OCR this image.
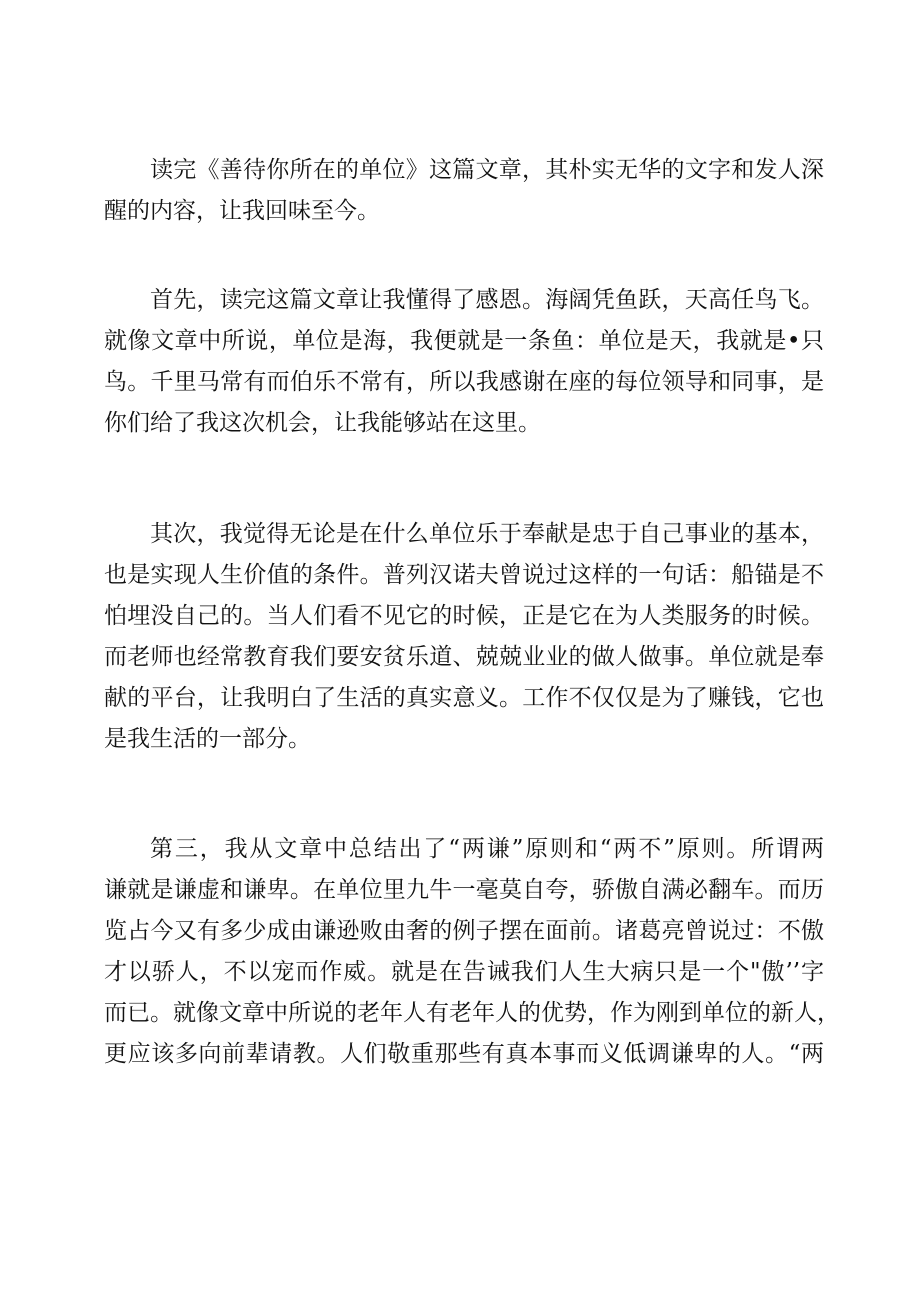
读完《善待你所在的单位》这篇文章，其朴实无华的文字和发人深
醒的内容，让我回味至今。
首先，读完这篇文章让我懂得了感恩。海阔凭鱼跃，天高任鸟飞。
就像文章中所说，单位是海，我便就是一条鱼：单位是天，我就是•只
鸟。千里马常有而伯乐不常有，所以我感谢在座的每位领导和同事，是
你们给了我这次机会，让我能够站在这里。
其次，我觉得无论是在什么单位乐于奉献是忠于自己事业的基本，
也是实现人生价值的条件。普列汉诺夫曾说过这样的一句话：船锚是不
怕埋没自己的。当人们看不见它的时候，正是它在为人类服务的时候。
而老师也经常教育我们要安贫乐道、兢兢业业的做人做事。单位就是奉
献的平台，让我明白了生活的真实意义。工作不仅仅是为了赚钱，它也
是我生活的一部分。
第三，我从文章中总结出了“两谦”原则和“两不”原则。所谓两
谦就是谦虚和谦卑。在单位里九牛一毫莫自夸，骄傲自满必翻车。而历
览占今又有多少成由谦逊败由奢的例子摆在面前。诸葛亮曾说过：不傲
才以骄人，不以宠而作威。就是在告诫我们人生大病只是一个"傲’’字
而已。就像文章中所说的老年人有老年人的优势，作为刚到单位的新人，
更应该多向前辈请教。人们敬重那些有真本事而义低调谦卑的人。“两
